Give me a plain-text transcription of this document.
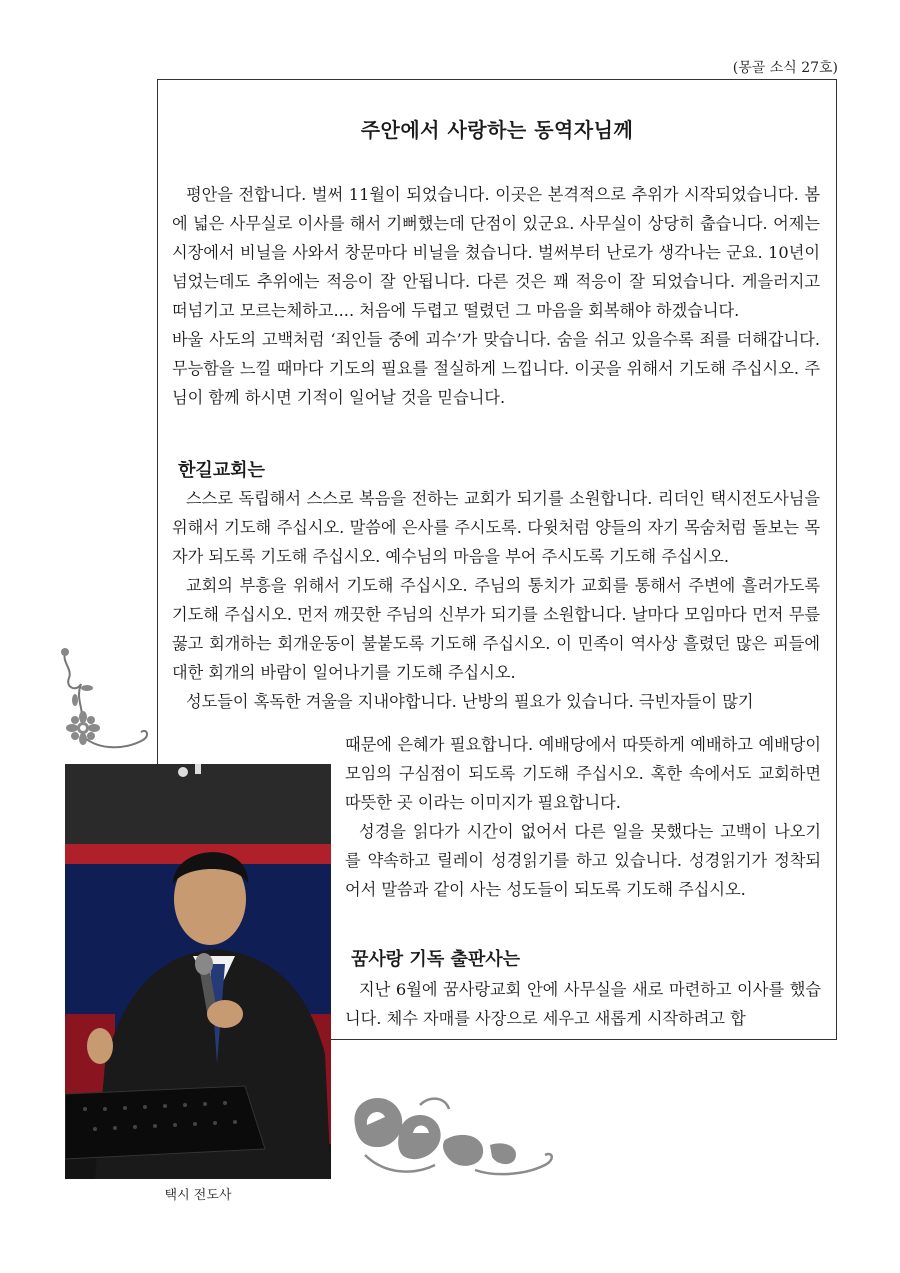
(몽골 소식 27호)
주안에서 사랑하는 동역자님께

평안을 전합니다. 벌써 11월이 되었습니다. 이곳은 본격적으로 추위가 시작되었습니다. 봄에 넓은 사무실로 이사를 해서 기뻐했는데 단점이 있군요. 사무실이 상당히 춥습니다. 어제는 시장에서 비닐을 사와서 창문마다 비닐을 쳤습니다. 벌써부터 난로가 생각나는 군요. 10년이 넘었는데도 추위에는 적응이 잘 안됩니다. 다른 것은 꽤 적응이 잘 되었습니다. 게을러지고 떠넘기고 모르는체하고.... 처음에 두렵고 떨렸던 그 마음을 회복해야 하겠습니다.

바울 사도의 고백처럼 ‘죄인들 중에 괴수’가 맞습니다. 숨을 쉬고 있을수록 죄를 더해갑니다. 무능함을 느낄 때마다 기도의 필요를 절실하게 느낍니다. 이곳을 위해서 기도해 주십시오. 주님이 함께 하시면 기적이 일어날 것을 믿습니다.

한길교회는

스스로 독립해서 스스로 복음을 전하는 교회가 되기를 소원합니다. 리더인 택시전도사님을 위해서 기도해 주십시오. 말씀에 은사를 주시도록. 다윗처럼 양들의 자기 목숨처럼 돌보는 목자가 되도록 기도해 주십시오. 예수님의 마음을 부어 주시도록 기도해 주십시오.

교회의 부흥을 위해서 기도해 주십시오. 주님의 통치가 교회를 통해서 주변에 흘러가도록 기도해 주십시오. 먼저 깨끗한 주님의 신부가 되기를 소원합니다. 날마다 모임마다 먼저 무릎 꿇고 회개하는 회개운동이 불붙도록 기도해 주십시오. 이 민족이 역사상 흘렸던 많은 피들에 대한 회개의 바람이 일어나기를 기도해 주십시오.

성도들이 혹독한 겨울을 지내야합니다. 난방의 필요가 있습니다. 극빈자들이 많기

때문에 은혜가 필요합니다. 예배당에서 따뜻하게 예배하고 예배당이 모임의 구심점이 되도록 기도해 주십시오. 혹한 속에서도 교회하면 따뜻한 곳 이라는 이미지가 필요합니다.

성경을 읽다가 시간이 없어서 다른 일을 못했다는 고백이 나오기를 약속하고 릴레이 성경읽기를 하고 있습니다. 성경읽기가 정착되어서 말씀과 같이 사는 성도들이 되도록 기도해 주십시오.

꿈사랑 기독 출판사는

지난 6월에 꿈사랑교회 안에 사무실을 새로 마련하고 이사를 했습니다. 체수 자매를 사장으로 세우고 새롭게 시작하려고 합

택시 전도사
